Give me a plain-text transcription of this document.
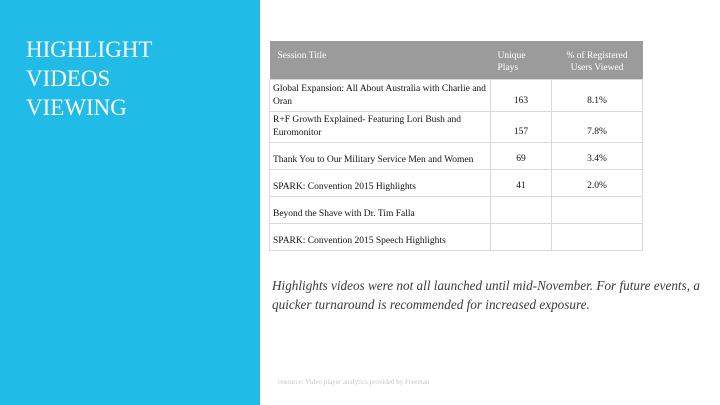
HIGHLIGHT
VIDEOS
VIEWING
Session Title	Unique Plays	% of Registered Users Viewed
Global Expansion: All About Australia with Charlie and Oran	163	8.1%
R+F Growth Explained- Featuring Lori Bush and Euromonitor	157	7.8%
Thank You to Our Military Service Men and Women	69	3.4%
SPARK: Convention 2015 Highlights	41	2.0%
Beyond the Shave with Dr. Tim Falla		
SPARK: Convention 2015 Speech Highlights		

Highlights videos were not all launched until mid-November. For future events, a quicker turnaround is recommended for increased exposure.

resource: Video player analytics provided by Freeman
